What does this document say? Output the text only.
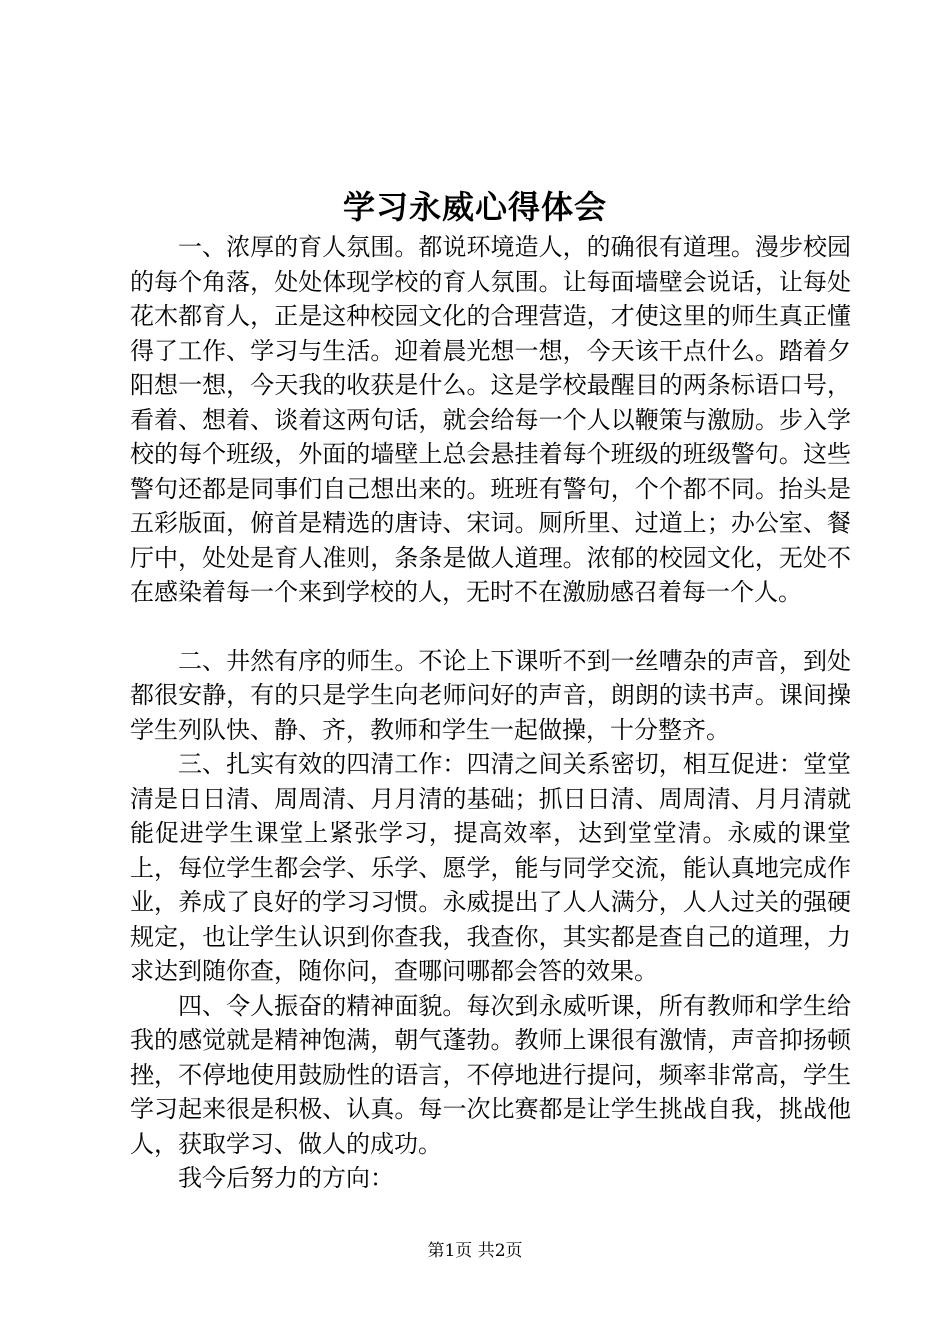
学习永威心得体会

一、浓厚的育人氛围。都说环境造人，的确很有道理。漫步校园的每个角落，处处体现学校的育人氛围。让每面墙壁会说话，让每处花木都育人，正是这种校园文化的合理营造，才使这里的师生真正懂得了工作、学习与生活。迎着晨光想一想，今天该干点什么。踏着夕阳想一想，今天我的收获是什么。这是学校最醒目的两条标语口号，看着、想着、谈着这两句话，就会给每一个人以鞭策与激励。步入学校的每个班级，外面的墙壁上总会悬挂着每个班级的班级警句。这些警句还都是同事们自己想出来的。班班有警句，个个都不同。抬头是五彩版面，俯首是精选的唐诗、宋词。厕所里、过道上；办公室、餐厅中，处处是育人准则，条条是做人道理。浓郁的校园文化，无处不在感染着每一个来到学校的人，无时不在激励感召着每一个人。

二、井然有序的师生。不论上下课听不到一丝嘈杂的声音，到处都很安静，有的只是学生向老师问好的声音，朗朗的读书声。课间操学生列队快、静、齐，教师和学生一起做操，十分整齐。

三、扎实有效的四清工作：四清之间关系密切，相互促进：堂堂清是日日清、周周清、月月清的基础；抓日日清、周周清、月月清就能促进学生课堂上紧张学习，提高效率，达到堂堂清。永威的课堂上，每位学生都会学、乐学、愿学，能与同学交流，能认真地完成作业，养成了良好的学习习惯。永威提出了人人满分，人人过关的强硬规定，也让学生认识到你查我，我查你，其实都是查自己的道理，力求达到随你查，随你问，查哪问哪都会答的效果。

四、令人振奋的精神面貌。每次到永威听课，所有教师和学生给我的感觉就是精神饱满，朝气蓬勃。教师上课很有激情，声音抑扬顿挫，不停地使用鼓励性的语言，不停地进行提问，频率非常高，学生学习起来很是积极、认真。每一次比赛都是让学生挑战自我，挑战他人，获取学习、做人的成功。

我今后努力的方向：

第1页 共2页
